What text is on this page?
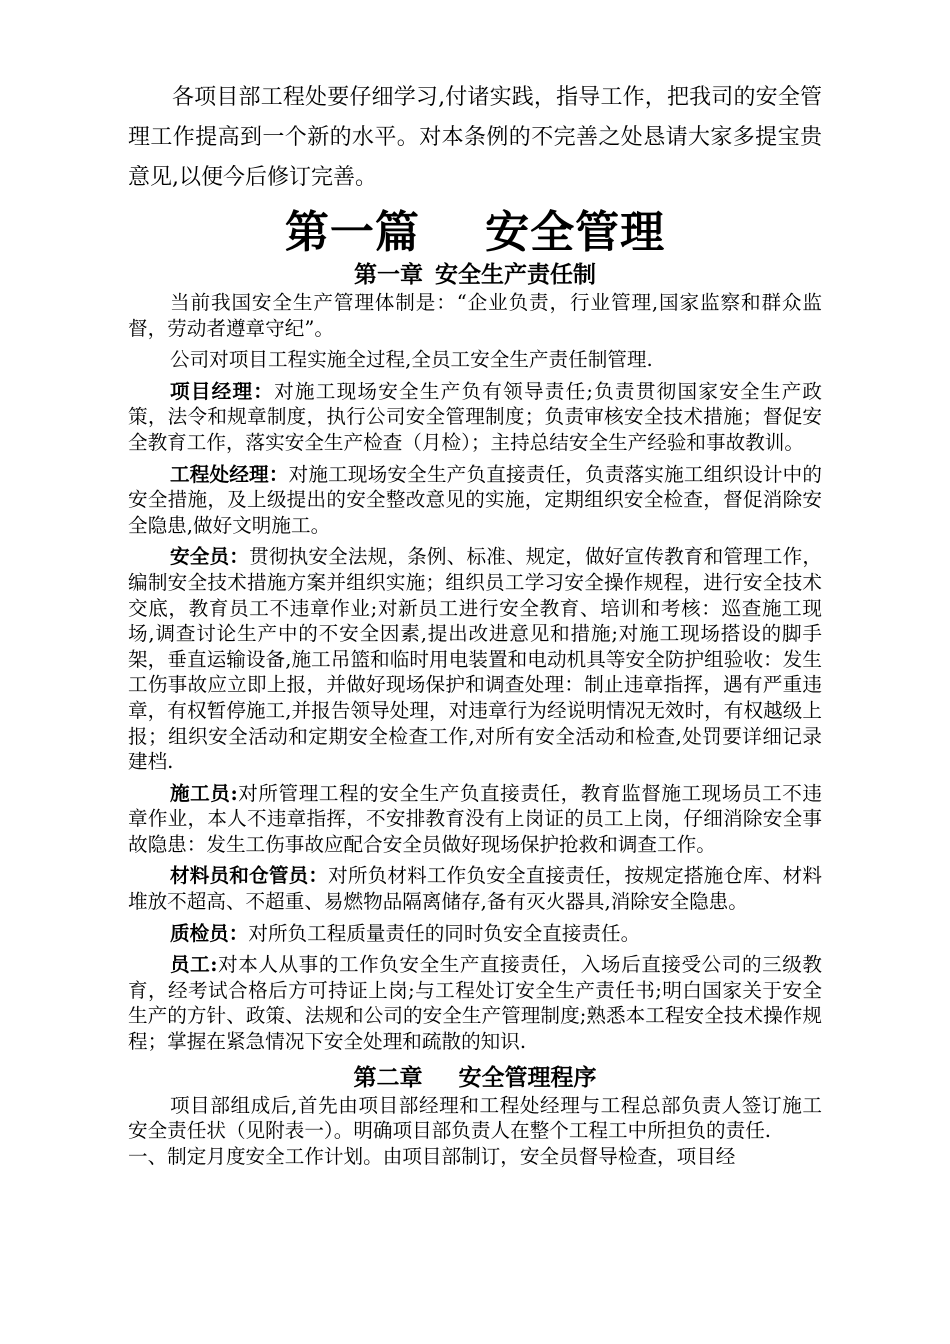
各项目部工程处要仔细学习,付诸实践，指导工作，把我司的安全管理工作提高到一个新的水平。对本条例的不完善之处恳请大家多提宝贵意见,以便今后修订完善。

第一篇    安全管理
第一章 安全生产责任制

当前我国安全生产管理体制是：“企业负责，行业管理,国家监察和群众监督，劳动者遵章守纪”。

公司对项目工程实施全过程,全员工安全生产责任制管理.

项目经理：对施工现场安全生产负有领导责任;负责贯彻国家安全生产政策，法令和规章制度，执行公司安全管理制度；负责审核安全技术措施；督促安全教育工作，落实安全生产检查（月检）；主持总结安全生产经验和事故教训。

工程处经理：对施工现场安全生产负直接责任，负责落实施工组织设计中的安全措施，及上级提出的安全整改意见的实施，定期组织安全检查，督促消除安全隐患,做好文明施工。

安全员：贯彻执安全法规，条例、标准、规定，做好宣传教育和管理工作，编制安全技术措施方案并组织实施；组织员工学习安全操作规程，进行安全技术交底，教育员工不违章作业;对新员工进行安全教育、培训和考核：巡查施工现场,调查讨论生产中的不安全因素,提出改进意见和措施;对施工现场搭设的脚手架，垂直运输设备,施工吊篮和临时用电装置和电动机具等安全防护组验收：发生工伤事故应立即上报，并做好现场保护和调查处理：制止违章指挥，遇有严重违章，有权暂停施工,并报告领导处理，对违章行为经说明情况无效时，有权越级上报；组织安全活动和定期安全检查工作,对所有安全活动和检查,处罚要详细记录建档.

施工员:对所管理工程的安全生产负直接责任，教育监督施工现场员工不违章作业，本人不违章指挥，不安排教育没有上岗证的员工上岗，仔细消除安全事故隐患：发生工伤事故应配合安全员做好现场保护抢救和调查工作。

材料员和仓管员：对所负材料工作负安全直接责任，按规定搭施仓库、材料堆放不超高、不超重、易燃物品隔离储存,备有灭火器具,消除安全隐患。

质检员：对所负工程质量责任的同时负安全直接责任。

员工:对本人从事的工作负安全生产直接责任，入场后直接受公司的三级教育，经考试合格后方可持证上岗;与工程处订安全生产责任书;明白国家关于安全生产的方针、政策、法规和公司的安全生产管理制度;熟悉本工程安全技术操作规程；掌握在紧急情况下安全处理和疏散的知识.

第二章 安全管理程序

项目部组成后,首先由项目部经理和工程处经理与工程总部负责人签订施工安全责任状（见附表一）。明确项目部负责人在整个工程工中所担负的责任.

一、制定月度安全工作计划。由项目部制订，安全员督导检查，项目经
